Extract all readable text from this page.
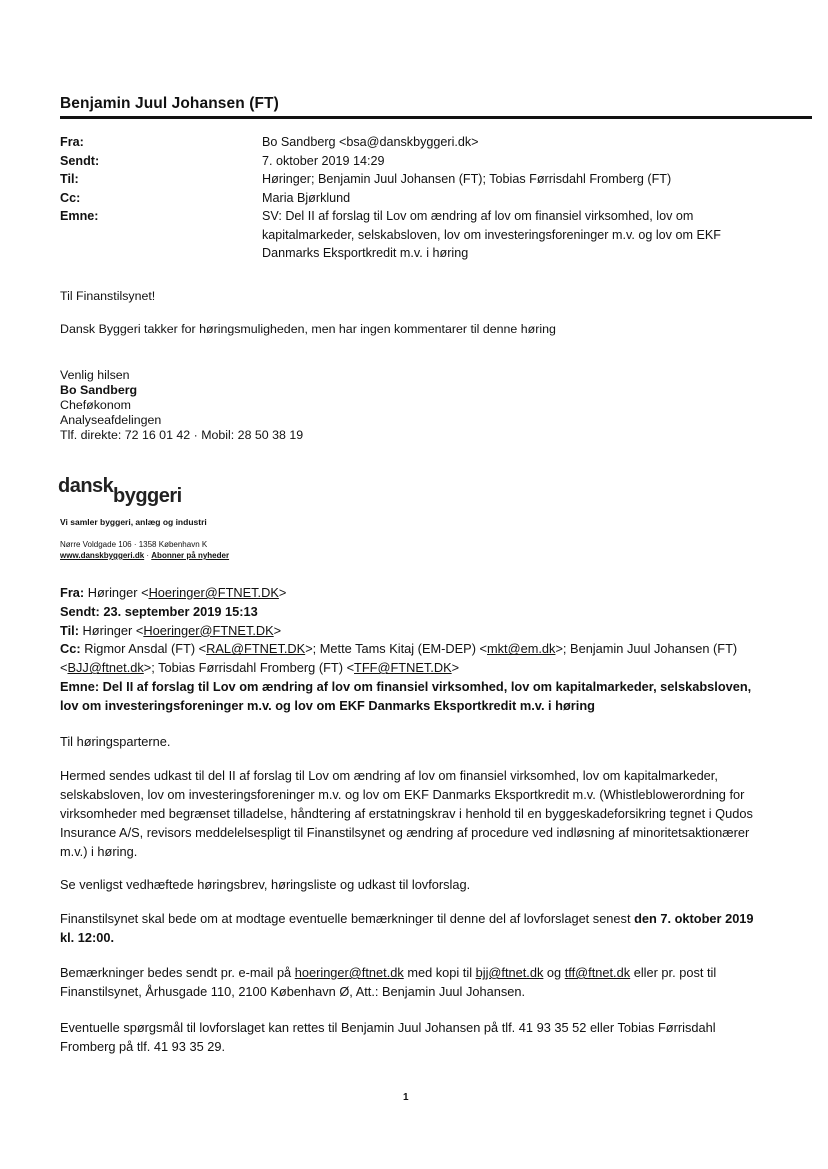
Benjamin Juul Johansen (FT)
Fra:	Bo Sandberg <bsa@danskbyggeri.dk>
Sendt:	7. oktober 2019 14:29
Til:	Høringer; Benjamin Juul Johansen (FT); Tobias Førrisdahl Fromberg (FT)
Cc:	Maria Bjørklund
Emne:	SV: Del II af forslag til Lov om ændring af lov om finansiel virksomhed, lov om kapitalmarkeder, selskabsloven, lov om investeringsforeninger m.v. og lov om EKF Danmarks Eksportkredit m.v. i høring
Til Finanstilsynet!
Dansk Byggeri takker for høringsmuligheden, men har ingen kommentarer til denne høring
Venlig hilsen
Bo Sandberg
Cheføkonom
Analyseafdelingen
Tlf. direkte: 72 16 01 42 · Mobil: 28 50 38 19
dansk byggeri
Vi samler byggeri, anlæg og industri
Nørre Voldgade 106 · 1358 København K
www.danskbyggeri.dk · Abonner på nyheder
Fra: Høringer <Hoeringer@FTNET.DK>
Sendt: 23. september 2019 15:13
Til: Høringer <Hoeringer@FTNET.DK>
Cc: Rigmor Ansdal (FT) <RAL@FTNET.DK>; Mette Tams Kitaj (EM-DEP) <mkt@em.dk>; Benjamin Juul Johansen (FT) <BJJ@ftnet.dk>; Tobias Førrisdahl Fromberg (FT) <TFF@FTNET.DK>
Emne: Del II af forslag til Lov om ændring af lov om finansiel virksomhed, lov om kapitalmarkeder, selskabsloven, lov om investeringsforeninger m.v. og lov om EKF Danmarks Eksportkredit m.v. i høring
Til høringsparterne.
Hermed sendes udkast til del II af forslag til Lov om ændring af lov om finansiel virksomhed, lov om kapitalmarkeder, selskabsloven, lov om investeringsforeninger m.v. og lov om EKF Danmarks Eksportkredit m.v. (Whistleblowerordning for virksomheder med begrænset tilladelse, håndtering af erstatningskrav i henhold til en byggeskadeforsikring tegnet i Qudos Insurance A/S, revisors meddelelsespligt til Finanstilsynet og ændring af procedure ved indløsning af minoritetsaktionærer m.v.) i høring.
Se venligst vedhæftede høringsbrev, høringsliste og udkast til lovforslag.
Finanstilsynet skal bede om at modtage eventuelle bemærkninger til denne del af lovforslaget senest den 7. oktober 2019 kl. 12:00.
Bemærkninger bedes sendt pr. e-mail på hoeringer@ftnet.dk med kopi til bjj@ftnet.dk og tff@ftnet.dk eller pr. post til Finanstilsynet, Århusgade 110, 2100 København Ø, Att.: Benjamin Juul Johansen.
Eventuelle spørgsmål til lovforslaget kan rettes til Benjamin Juul Johansen på tlf. 41 93 35 52 eller Tobias Førrisdahl Fromberg på tlf. 41 93 35 29.
1
